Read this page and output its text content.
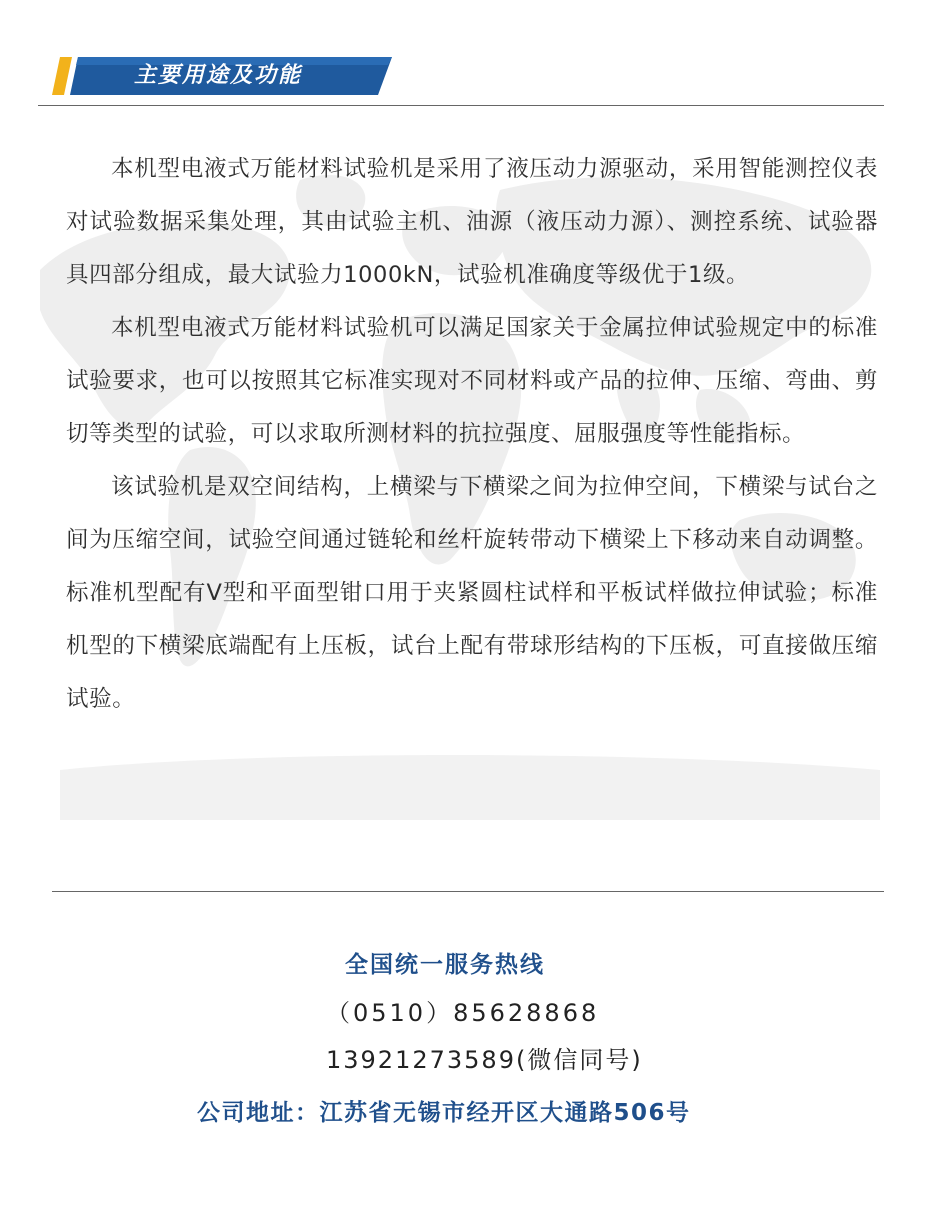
主要用途及功能

本机型电液式万能材料试验机是采用了液压动力源驱动，采用智能测控仪表对试验数据采集处理，其由试验主机、油源（液压动力源）、测控系统、试验器具四部分组成，最大试验力1000kN，试验机准确度等级优于1级。

本机型电液式万能材料试验机可以满足国家关于金属拉伸试验规定中的标准试验要求，也可以按照其它标准实现对不同材料或产品的拉伸、压缩、弯曲、剪切等类型的试验，可以求取所测材料的抗拉强度、屈服强度等性能指标。

该试验机是双空间结构，上横梁与下横梁之间为拉伸空间，下横梁与试台之间为压缩空间，试验空间通过链轮和丝杆旋转带动下横梁上下移动来自动调整。标准机型配有V型和平面型钳口用于夹紧圆柱试样和平板试样做拉伸试验；标准机型的下横梁底端配有上压板，试台上配有带球形结构的下压板，可直接做压缩试验。

全国统一服务热线
（0510）85628868
13921273589(微信同号)
公司地址：江苏省无锡市经开区大通路506号
